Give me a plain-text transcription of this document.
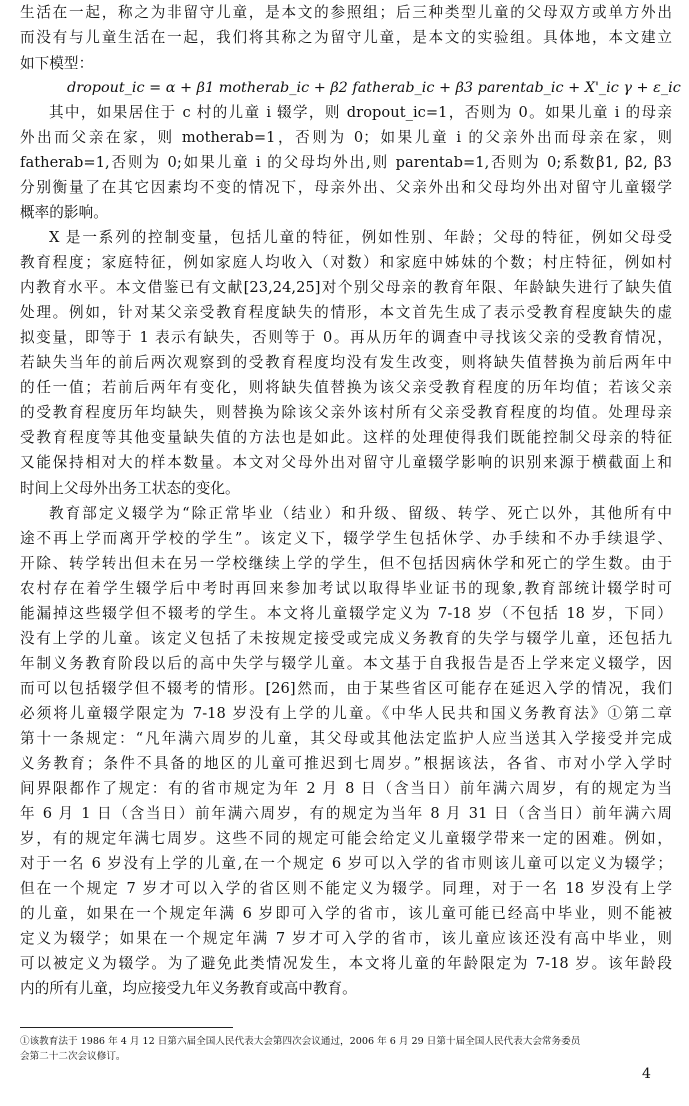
生活在一起，称之为非留守儿童，是本文的参照组；后三种类型儿童的父母双方或单方外出
而没有与儿童生活在一起，我们将其称之为留守儿童，是本文的实验组。具体地，本文建立
如下模型：
其中，如果居住于 c 村的儿童 i 辍学，则 dropout_ic=1，否则为 0。如果儿童 i 的母亲
外出而父亲在家，则 motherab=1，否则为 0；如果儿童 i 的父亲外出而母亲在家，则
fatherab=1,否则为 0;如果儿童 i 的父母均外出,则 parentab=1,否则为 0;系数β1, β2, β3
分别衡量了在其它因素均不变的情况下，母亲外出、父亲外出和父母均外出对留守儿童辍学
概率的影响。
X 是一系列的控制变量，包括儿童的特征，例如性别、年龄；父母的特征，例如父母受
教育程度；家庭特征，例如家庭人均收入（对数）和家庭中姊妹的个数；村庄特征，例如村
内教育水平。本文借鉴已有文献[23,24,25]对个别父母亲的教育年限、年龄缺失进行了缺失值
处理。例如，针对某父亲受教育程度缺失的情形，本文首先生成了表示受教育程度缺失的虚
拟变量，即等于 1 表示有缺失，否则等于 0。再从历年的调查中寻找该父亲的受教育情况，
若缺失当年的前后两次观察到的受教育程度均没有发生改变，则将缺失值替换为前后两年中
的任一值；若前后两年有变化，则将缺失值替换为该父亲受教育程度的历年均值；若该父亲
的受教育程度历年均缺失，则替换为除该父亲外该村所有父亲受教育程度的均值。处理母亲
受教育程度等其他变量缺失值的方法也是如此。这样的处理使得我们既能控制父母亲的特征
又能保持相对大的样本数量。本文对父母外出对留守儿童辍学影响的识别来源于横截面上和
时间上父母外出务工状态的变化。
教育部定义辍学为“除正常毕业（结业）和升级、留级、转学、死亡以外，其他所有中
途不再上学而离开学校的学生”。该定义下，辍学学生包括休学、办手续和不办手续退学、
开除、转学转出但未在另一学校继续上学的学生，但不包括因病休学和死亡的学生数。由于
农村存在着学生辍学后中考时再回来参加考试以取得毕业证书的现象,教育部统计辍学时可
能漏掉这些辍学但不辍考的学生。本文将儿童辍学定义为 7-18 岁（不包括 18 岁，下同）
没有上学的儿童。该定义包括了未按规定接受或完成义务教育的失学与辍学儿童，还包括九
年制义务教育阶段以后的高中失学与辍学儿童。本文基于自我报告是否上学来定义辍学，因
而可以包括辍学但不辍考的情形。[26]然而，由于某些省区可能存在延迟入学的情况，我们
必须将儿童辍学限定为 7-18 岁没有上学的儿童。《中华人民共和国义务教育法》①第二章
第十一条规定：“凡年满六周岁的儿童，其父母或其他法定监护人应当送其入学接受并完成
义务教育；条件不具备的地区的儿童可推迟到七周岁。”根据该法，各省、市对小学入学时
间界限都作了规定：有的省市规定为年 2 月 8 日（含当日）前年满六周岁，有的规定为当
年 6 月 1 日（含当日）前年满六周岁，有的规定为当年 8 月 31 日（含当日）前年满六周
岁，有的规定年满七周岁。这些不同的规定可能会给定义儿童辍学带来一定的困难。例如，
对于一名 6 岁没有上学的儿童,在一个规定 6 岁可以入学的省市则该儿童可以定义为辍学；
但在一个规定 7 岁才可以入学的省区则不能定义为辍学。同理，对于一名 18 岁没有上学
的儿童，如果在一个规定年满 6 岁即可入学的省市，该儿童可能已经高中毕业，则不能被
定义为辍学；如果在一个规定年满 7 岁才可入学的省市，该儿童应该还没有高中毕业，则
可以被定义为辍学。为了避免此类情况发生，本文将儿童的年龄限定为 7-18 岁。该年龄段
内的所有儿童，均应接受九年义务教育或高中教育。
dropout_ic = α + β1 motherab_ic + β2 fatherab_ic + β3 parentab_ic + X'_ic γ + ε_ic
①该教育法于 1986 年 4 月 12 日第六届全国人民代表大会第四次会议通过，2006 年 6 月 29 日第十届全国人民代表大会常务委员
会第二十二次会议修订。
4
